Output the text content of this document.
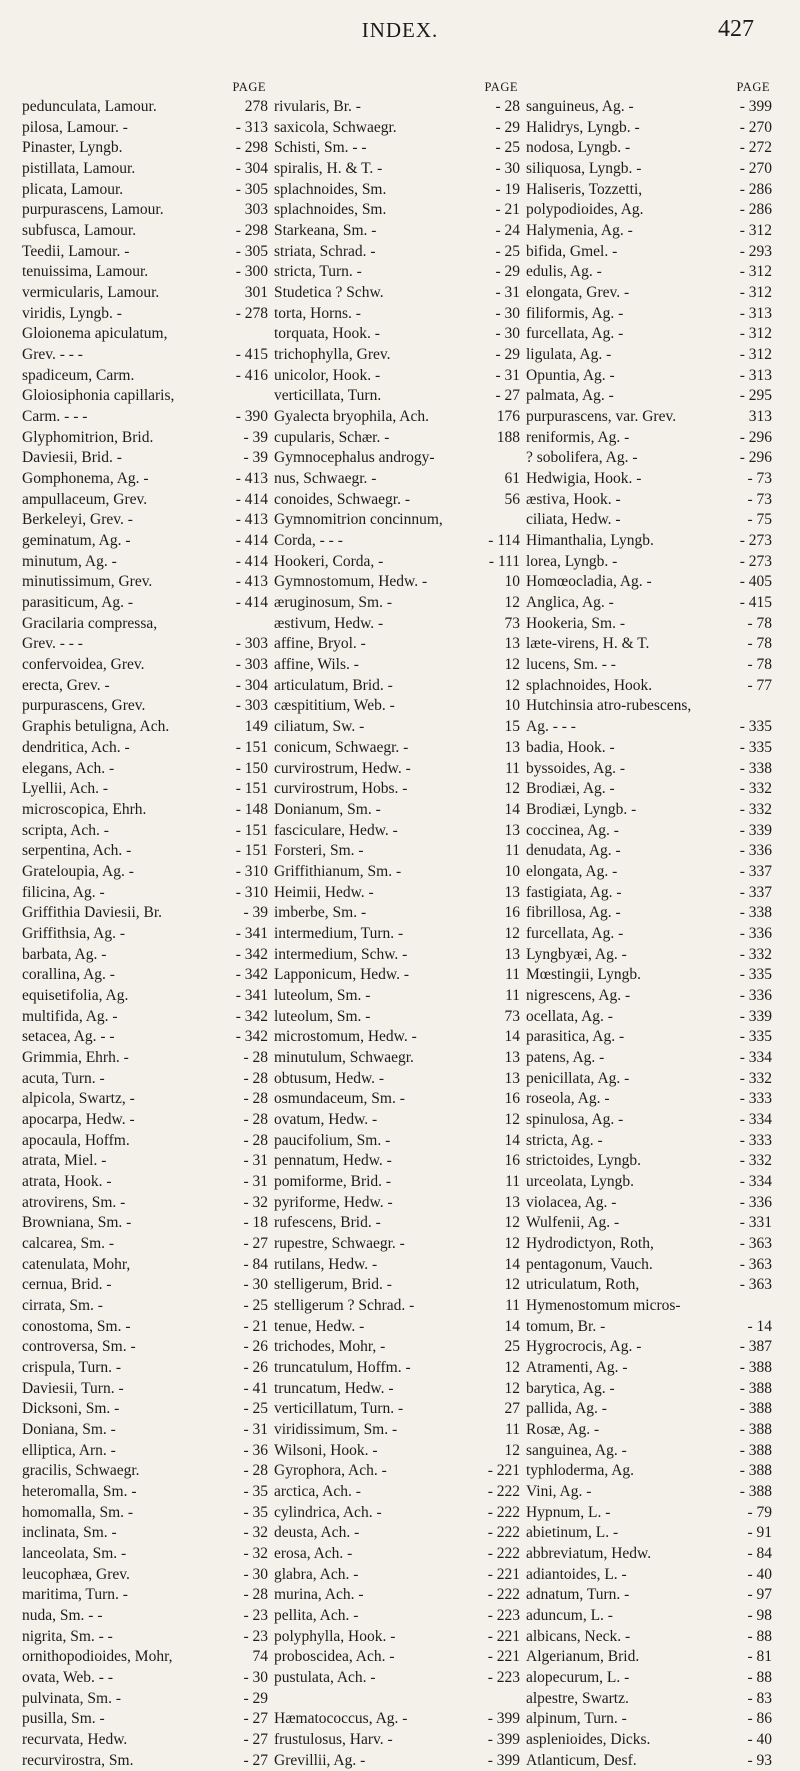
INDEX.	427
PAGE
pedunculata, Lamour.	278
pilosa, Lamour. -	- 313
Pinaster, Lyngb.	- 298
pistillata, Lamour.	- 304
plicata, Lamour.	- 305
purpurascens, Lamour.	303
subfusca, Lamour.	- 298
Teedii, Lamour. -	- 305
tenuissima, Lamour.	- 300
vermicularis, Lamour.	301
viridis, Lyngb. -	- 278
Gloionema apiculatum,
Grev. - - -	- 415
spadiceum, Carm.	- 416
Gloiosiphonia capillaris,
Carm. - - -	- 390
Glyphomitrion, Brid.	- 39
Daviesii, Brid. -	- 39
Gomphonema, Ag. -	- 413
ampullaceum, Grev.	- 414
Berkeleyi, Grev. -	- 413
geminatum, Ag. -	- 414
minutum, Ag. -	- 414
minutissimum, Grev.	- 413
parasiticum, Ag. -	- 414
Gracilaria compressa,
Grev. - - -	- 303
confervoidea, Grev.	- 303
erecta, Grev. -	- 304
purpurascens, Grev.	- 303
Graphis betuligna, Ach.	149
dendritica, Ach. -	- 151
elegans, Ach. -	- 150
Lyellii, Ach. -	- 151
microscopica, Ehrh.	- 148
scripta, Ach. -	- 151
serpentina, Ach. -	- 151
Grateloupia, Ag. -	- 310
filicina, Ag. -	- 310
Griffithia Daviesii, Br.	- 39
Griffithsia, Ag. -	- 341
barbata, Ag. -	- 342
corallina, Ag. -	- 342
equisetifolia, Ag.	- 341
multifida, Ag. -	- 342
setacea, Ag. - -	- 342
Grimmia, Ehrh. -	- 28
acuta, Turn. -	- 28
alpicola, Swartz, -	- 28
apocarpa, Hedw. -	- 28
apocaula, Hoffm.	- 28
atrata, Miel. -	- 31
atrata, Hook. -	- 31
atrovirens, Sm. -	- 32
Browniana, Sm. -	- 18
calcarea, Sm. -	- 27
catenulata, Mohr,	- 84
cernua, Brid. -	- 30
cirrata, Sm. -	- 25
conostoma, Sm. -	- 21
controversa, Sm. -	- 26
crispula, Turn. -	- 26
Daviesii, Turn. -	- 41
Dicksoni, Sm. -	- 25
Doniana, Sm. -	- 31
elliptica, Arn. -	- 36
gracilis, Schwaegr.	- 28
heteromalla, Sm. -	- 35
homomalla, Sm. -	- 35
inclinata, Sm. -	- 32
lanceolata, Sm. -	- 32
leucophæa, Grev.	- 30
maritima, Turn. -	- 28
nuda, Sm. - -	- 23
nigrita, Sm. - -	- 23
ornithopodioides, Mohr,	74
ovata, Web. - -	- 30
pulvinata, Sm. -	- 29
pusilla, Sm. -	- 27
recurvata, Hedw.	- 27
recurvirostra, Sm.	- 27
PAGE
rivularis, Br. -	- 28
saxicola, Schwaegr.	- 29
Schisti, Sm. - -	- 25
spiralis, H. & T. -	- 30
splachnoides, Sm.	- 19
splachnoides, Sm.	- 21
Starkeana, Sm. -	- 24
striata, Schrad. -	- 25
stricta, Turn. -	- 29
Studetica ? Schw.	- 31
torta, Horns. -	- 30
torquata, Hook. -	- 30
trichophylla, Grev.	- 29
unicolor, Hook. -	- 31
verticillata, Turn.	- 27
Gyalecta bryophila, Ach.	176
cupularis, Schær. -	188
Gymnocephalus androgy-
nus, Schwaegr. -	61
conoides, Schwaegr. -	56
Gymnomitrion concinnum,
Corda, - - -	- 114
Hookeri, Corda, -	- 111
Gymnostomum, Hedw. -	10
æruginosum, Sm. -	12
æstivum, Hedw. -	73
affine, Bryol. -	13
affine, Wils. -	12
articulatum, Brid. -	12
cæspititium, Web. -	10
ciliatum, Sw. -	15
conicum, Schwaegr. -	13
curvirostrum, Hedw. -	11
curvirostrum, Hobs. -	12
Donianum, Sm. -	14
fasciculare, Hedw. -	13
Forsteri, Sm. -	11
Griffithianum, Sm. -	10
Heimii, Hedw. -	13
imberbe, Sm. -	16
intermedium, Turn. -	12
intermedium, Schw. -	13
Lapponicum, Hedw. -	11
luteolum, Sm. -	11
luteolum, Sm. -	73
microstomum, Hedw. -	14
minutulum, Schwaegr.	13
obtusum, Hedw. -	13
osmundaceum, Sm. -	16
ovatum, Hedw. -	12
paucifolium, Sm. -	14
pennatum, Hedw. -	16
pomiforme, Brid. -	11
pyriforme, Hedw. -	13
rufescens, Brid. -	12
rupestre, Schwaegr. -	12
rutilans, Hedw. -	14
stelligerum, Brid. -	12
stelligerum ? Schrad. -	11
tenue, Hedw. -	14
trichodes, Mohr, -	25
truncatulum, Hoffm. -	12
truncatum, Hedw. -	12
verticillatum, Turn. -	27
viridissimum, Sm. -	11
Wilsoni, Hook. -	12
Gyrophora, Ach. -	- 221
arctica, Ach. -	- 222
cylindrica, Ach. -	- 222
deusta, Ach. -	- 222
erosa, Ach. -	- 222
glabra, Ach. -	- 221
murina, Ach. -	- 222
pellita, Ach. -	- 223
polyphylla, Hook. -	- 221
proboscidea, Ach. -	- 221
pustulata, Ach. -	- 223
Hæmatococcus, Ag. -	- 399
frustulosus, Harv. -	- 399
Grevillii, Ag. -	- 399
PAGE
sanguineus, Ag. -	- 399
Halidrys, Lyngb. -	- 270
nodosa, Lyngb. -	- 272
siliquosa, Lyngb. -	- 270
Haliseris, Tozzetti,	- 286
polypodioides, Ag.	- 286
Halymenia, Ag. -	- 312
bifida, Gmel. -	- 293
edulis, Ag. -	- 312
elongata, Grev. -	- 312
filiformis, Ag. -	- 313
furcellata, Ag. -	- 312
ligulata, Ag. -	- 312
Opuntia, Ag. -	- 313
palmata, Ag. -	- 295
purpurascens, var. Grev.	313
reniformis, Ag. -	- 296
? sobolifera, Ag. -	- 296
Hedwigia, Hook. -	- 73
æstiva, Hook. -	- 73
ciliata, Hedw. -	- 75
Himanthalia, Lyngb.	- 273
lorea, Lyngb. -	- 273
Homœocladia, Ag. -	- 405
Anglica, Ag. -	- 415
Hookeria, Sm. -	- 78
læte-virens, H. & T.	- 78
lucens, Sm. - -	- 78
splachnoides, Hook.	- 77
Hutchinsia atro-rubescens,
Ag. - - -	- 335
badia, Hook. -	- 335
byssoides, Ag. -	- 338
Brodiæi, Ag. -	- 332
Brodiæi, Lyngb. -	- 332
coccinea, Ag. -	- 339
denudata, Ag. -	- 336
elongata, Ag. -	- 337
fastigiata, Ag. -	- 337
fibrillosa, Ag. -	- 338
furcellata, Ag. -	- 336
Lyngbyæi, Ag. -	- 332
Mœstingii, Lyngb.	- 335
nigrescens, Ag. -	- 336
ocellata, Ag. -	- 339
parasitica, Ag. -	- 335
patens, Ag. -	- 334
penicillata, Ag. -	- 332
roseola, Ag. -	- 333
spinulosa, Ag. -	- 334
stricta, Ag. -	- 333
strictoides, Lyngb.	- 332
urceolata, Lyngb.	- 334
violacea, Ag. -	- 336
Wulfenii, Ag. -	- 331
Hydrodictyon, Roth,	- 363
pentagonum, Vauch.	- 363
utriculatum, Roth,	- 363
Hymenostomum micros-
tomum, Br. -	- 14
Hygrocrocis, Ag. -	- 387
Atramenti, Ag. -	- 388
barytica, Ag. -	- 388
pallida, Ag. -	- 388
Rosæ, Ag. -	- 388
sanguinea, Ag. -	- 388
typhloderma, Ag.	- 388
Vini, Ag. -	- 388
Hypnum, L. -	- 79
abietinum, L. -	- 91
abbreviatum, Hedw.	- 84
adiantoides, L. -	- 40
adnatum, Turn. -	- 97
aduncum, L. -	- 98
albicans, Neck. -	- 88
Algerianum, Brid.	- 81
alopecurum, L. -	- 88
alpestre, Swartz.	- 83
alpinum, Turn. -	- 86
asplenioides, Dicks.	- 40
Atlanticum, Desf.	- 93
